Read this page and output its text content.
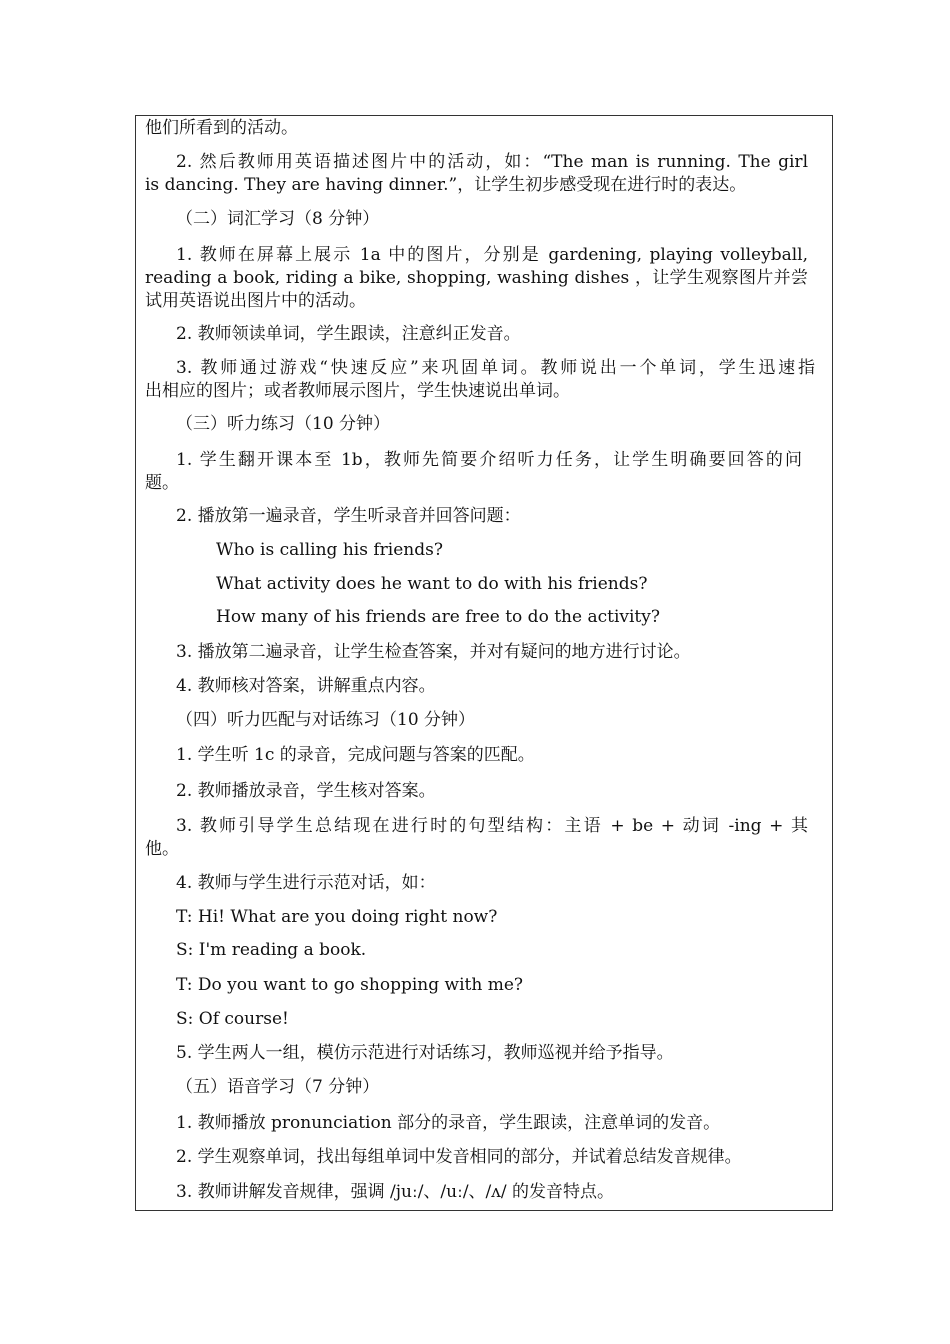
他们所看到的活动。
2. 然后教师用英语描述图片中的活动，如：“The man is running. The girl
is dancing. They are having dinner.”，让学生初步感受现在进行时的表达。
（二）词汇学习（8 分钟）
1. 教师在屏幕上展示 1a 中的图片，分别是 gardening, playing volleyball,
reading a book, riding a bike, shopping, washing dishes ，让学生观察图片并尝
试用英语说出图片中的活动。
2. 教师领读单词，学生跟读，注意纠正发音。
3. 教师通过游戏“快速反应”来巩固单词。教师说出一个单词，学生迅速指
出相应的图片；或者教师展示图片，学生快速说出单词。
（三）听力练习（10 分钟）
1. 学生翻开课本至 1b，教师先简要介绍听力任务，让学生明确要回答的问
题。
2. 播放第一遍录音，学生听录音并回答问题：
Who is calling his friends?
What activity does he want to do with his friends?
How many of his friends are free to do the activity?
3. 播放第二遍录音，让学生检查答案，并对有疑问的地方进行讨论。
4. 教师核对答案，讲解重点内容。
（四）听力匹配与对话练习（10 分钟）
1. 学生听 1c 的录音，完成问题与答案的匹配。
2. 教师播放录音，学生核对答案。
3. 教师引导学生总结现在进行时的句型结构：主语 + be + 动词 -ing + 其
他。
4. 教师与学生进行示范对话，如：
T: Hi! What are you doing right now?
S: I'm reading a book.
T: Do you want to go shopping with me?
S: Of course!
5. 学生两人一组，模仿示范进行对话练习，教师巡视并给予指导。
（五）语音学习（7 分钟）
1. 教师播放 pronunciation 部分的录音，学生跟读，注意单词的发音。
2. 学生观察单词，找出每组单词中发音相同的部分，并试着总结发音规律。
3. 教师讲解发音规律，强调 /juː/、/uː/、/ʌ/ 的发音特点。
